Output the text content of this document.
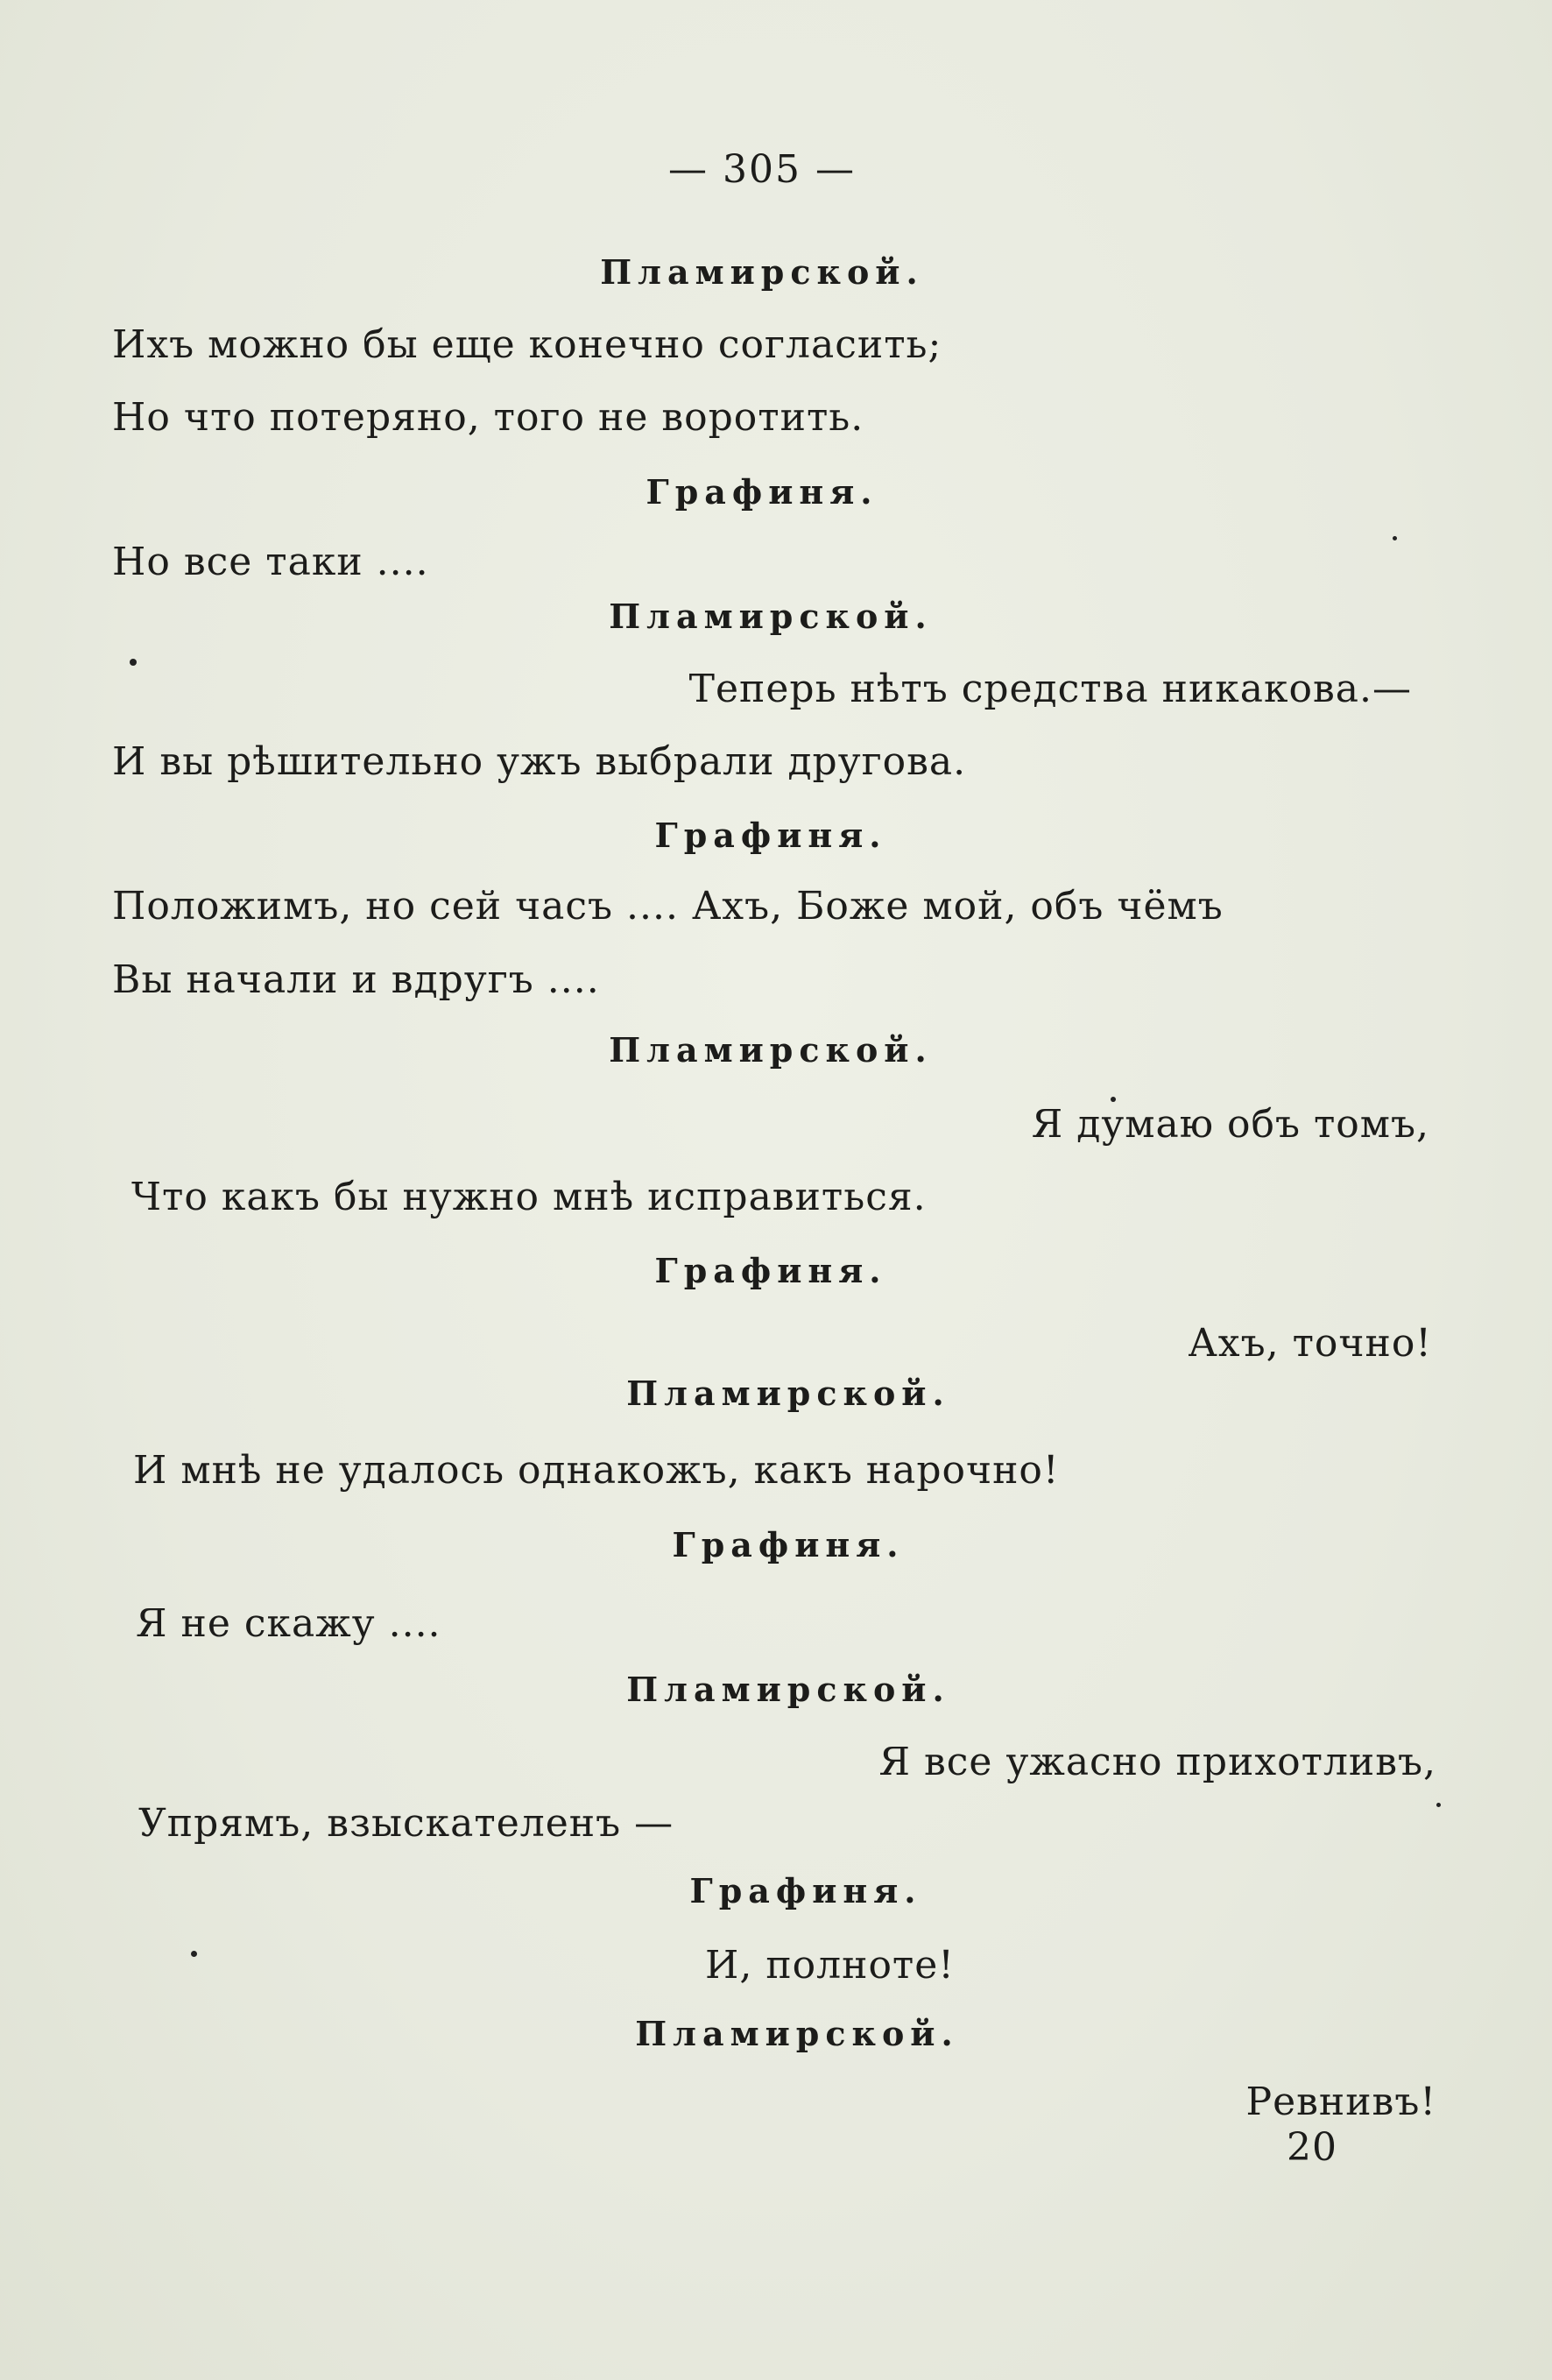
— 305 —
Пламирской.
Ихъ можно бы еще конечно согласить;
Но что потеряно, того не воротить.
Графиня.
Но все таки ....
Пламирской.
Теперь нѣтъ средства никакова.—
И вы рѣшительно ужъ выбрали другова.
Графиня.
Положимъ, но сей часъ .... Ахъ, Боже мой, объ чёмъ
Вы начали и вдругъ ....
Пламирской.
Я думаю объ томъ,
Что какъ бы нужно мнѣ исправиться.
Графиня.
Ахъ, точно!
Пламирской.
И мнѣ не удалось однакожъ, какъ нарочно!
Графиня.
Я не скажу ....
Пламирской.
Я все ужасно прихотливъ,
Упрямъ, взыскателенъ —
Графиня.
И, полноте!
Пламирской.
Ревнивъ!
20
